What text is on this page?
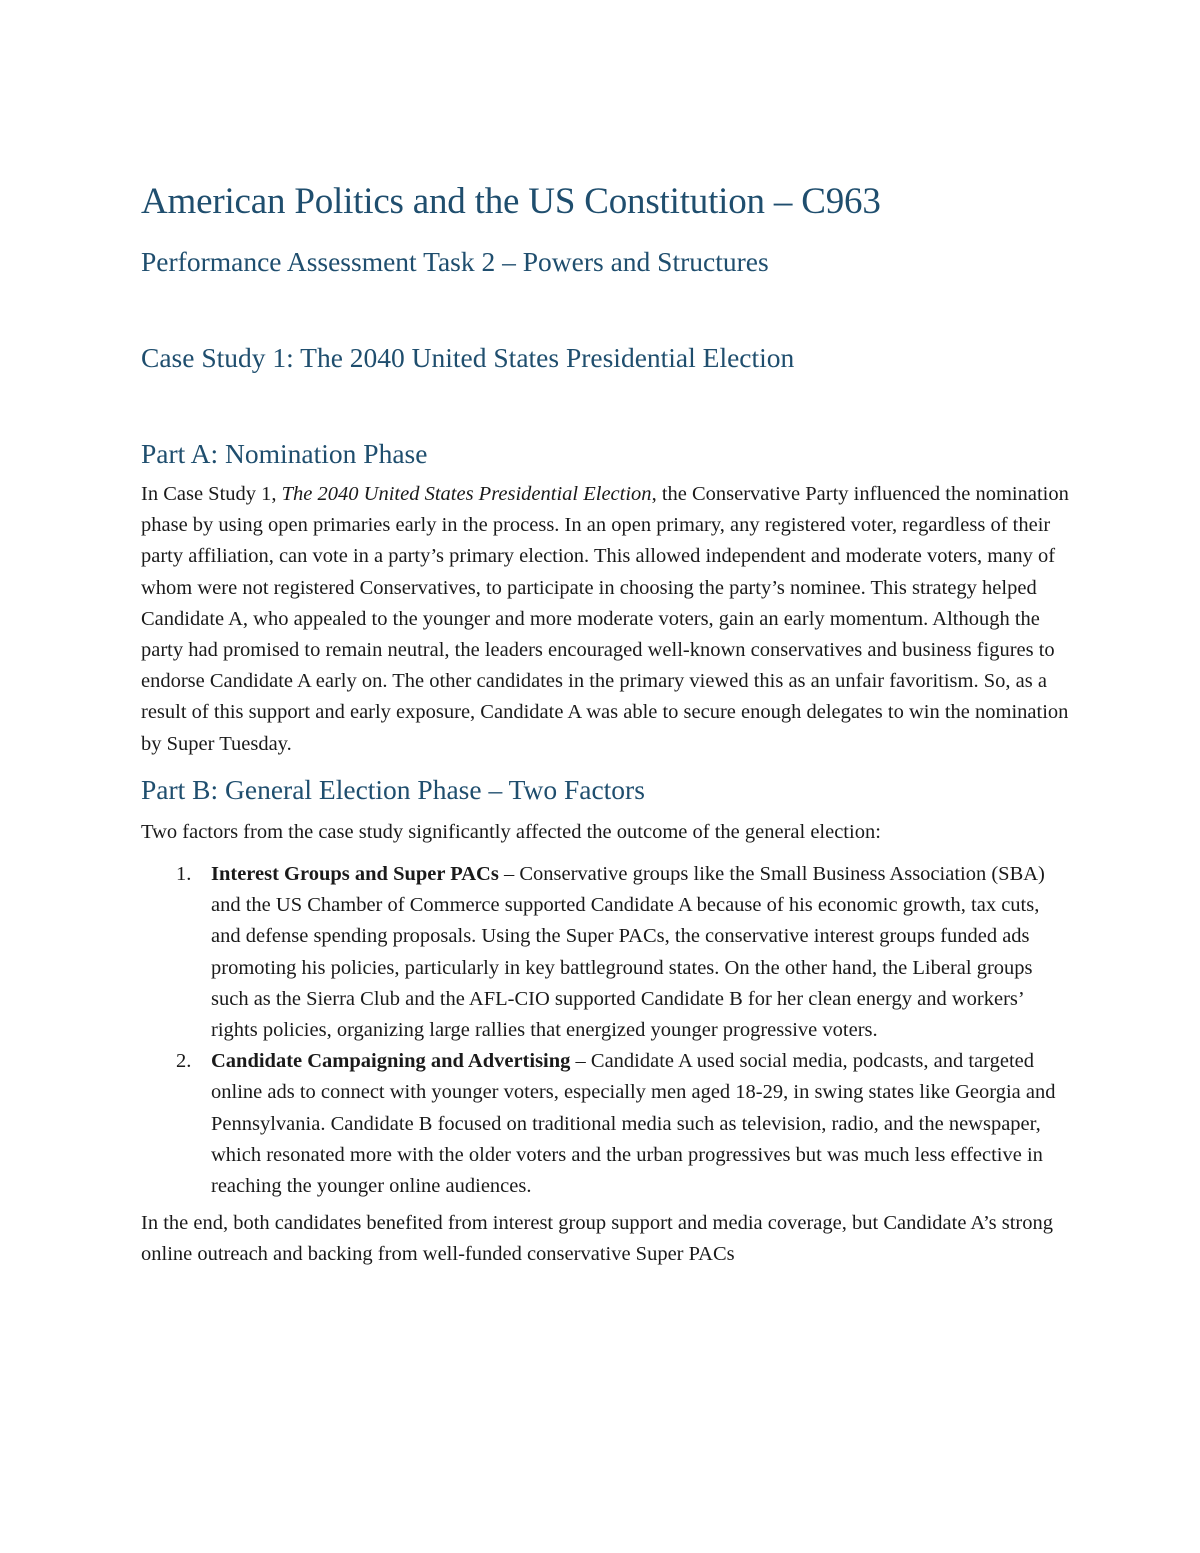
American Politics and the US Constitution – C963
Performance Assessment Task 2 – Powers and Structures
Case Study 1: The 2040 United States Presidential Election
Part A: Nomination Phase

In Case Study 1, The 2040 United States Presidential Election, the Conservative Party influenced the nomination phase by using open primaries early in the process. In an open primary, any registered voter, regardless of their party affiliation, can vote in a party’s primary election. This allowed independent and moderate voters, many of whom were not registered Conservatives, to participate in choosing the party’s nominee. This strategy helped Candidate A, who appealed to the younger and more moderate voters, gain an early momentum. Although the party had promised to remain neutral, the leaders encouraged well-known conservatives and business figures to endorse Candidate A early on. The other candidates in the primary viewed this as an unfair favoritism. So, as a result of this support and early exposure, Candidate A was able to secure enough delegates to win the nomination by Super Tuesday.

Part B: General Election Phase – Two Factors

Two factors from the case study significantly affected the outcome of the general election:

1. Interest Groups and Super PACs – Conservative groups like the Small Business Association (SBA) and the US Chamber of Commerce supported Candidate A because of his economic growth, tax cuts, and defense spending proposals. Using the Super PACs, the conservative interest groups funded ads promoting his policies, particularly in key battleground states. On the other hand, the Liberal groups such as the Sierra Club and the AFL-CIO supported Candidate B for her clean energy and workers’ rights policies, organizing large rallies that energized younger progressive voters.
2. Candidate Campaigning and Advertising – Candidate A used social media, podcasts, and targeted online ads to connect with younger voters, especially men aged 18-29, in swing states like Georgia and Pennsylvania. Candidate B focused on traditional media such as television, radio, and the newspaper, which resonated more with the older voters and the urban progressives but was much less effective in reaching the younger online audiences.

In the end, both candidates benefited from interest group support and media coverage, but Candidate A’s strong online outreach and backing from well-funded conservative Super PACs
